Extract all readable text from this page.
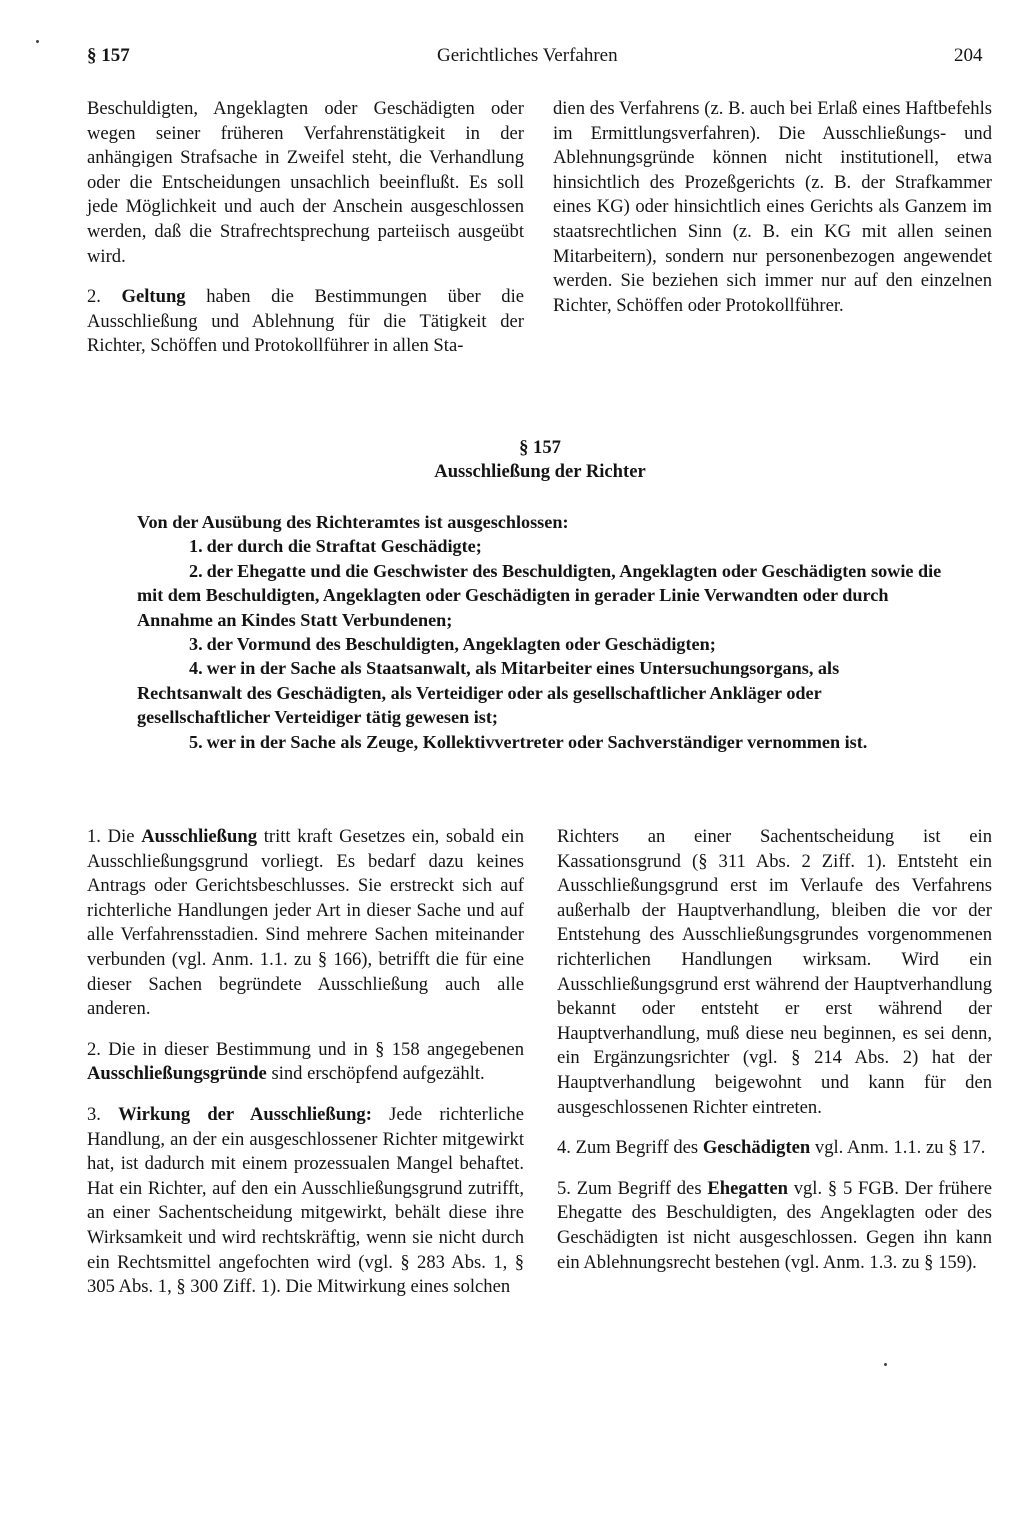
§ 157	Gerichtliches Verfahren	204

Beschuldigten, Angeklagten oder Geschädigten oder wegen seiner früheren Verfahrenstätigkeit in der anhängigen Strafsache in Zweifel steht, die Verhandlung oder die Entscheidungen unsachlich beeinflußt. Es soll jede Möglichkeit und auch der Anschein ausgeschlossen werden, daß die Strafrechtsprechung parteiisch ausgeübt wird.

2. Geltung haben die Bestimmungen über die Ausschließung und Ablehnung für die Tätigkeit der Richter, Schöffen und Protokollführer in allen Sta-

dien des Verfahrens (z. B. auch bei Erlaß eines Haftbefehls im Ermittlungsverfahren). Die Ausschließungs- und Ablehnungsgründe können nicht institutionell, etwa hinsichtlich des Prozeßgerichts (z. B. der Strafkammer eines KG) oder hinsichtlich eines Gerichts als Ganzem im staatsrechtlichen Sinn (z. B. ein KG mit allen seinen Mitarbeitern), sondern nur personenbezogen angewendet werden. Sie beziehen sich immer nur auf den einzelnen Richter, Schöffen oder Protokollführer.

§ 157
Ausschließung der Richter

Von der Ausübung des Richteramtes ist ausgeschlossen:

1. der durch die Straftat Geschädigte;
2. der Ehegatte und die Geschwister des Beschuldigten, Angeklagten oder Geschädigten sowie die mit dem Beschuldigten, Angeklagten oder Geschädigten in gerader Linie Verwandten oder durch Annahme an Kindes Statt Verbundenen;
3. der Vormund des Beschuldigten, Angeklagten oder Geschädigten;
4. wer in der Sache als Staatsanwalt, als Mitarbeiter eines Untersuchungsorgans, als Rechtsanwalt des Geschädigten, als Verteidiger oder als gesellschaftlicher Ankläger oder gesellschaftlicher Verteidiger tätig gewesen ist;
5. wer in der Sache als Zeuge, Kollektivvertreter oder Sachverständiger vernommen ist.

1. Die Ausschließung tritt kraft Gesetzes ein, sobald ein Ausschließungsgrund vorliegt. Es bedarf dazu keines Antrags oder Gerichtsbeschlusses. Sie erstreckt sich auf richterliche Handlungen jeder Art in dieser Sache und auf alle Verfahrensstadien. Sind mehrere Sachen miteinander verbunden (vgl. Anm. 1.1. zu § 166), betrifft die für eine dieser Sachen begründete Ausschließung auch alle anderen.

2. Die in dieser Bestimmung und in § 158 angegebenen Ausschließungsgründe sind erschöpfend aufgezählt.

3. Wirkung der Ausschließung: Jede richterliche Handlung, an der ein ausgeschlossener Richter mitgewirkt hat, ist dadurch mit einem prozessualen Mangel behaftet. Hat ein Richter, auf den ein Ausschließungsgrund zutrifft, an einer Sachentscheidung mitgewirkt, behält diese ihre Wirksamkeit und wird rechtskräftig, wenn sie nicht durch ein Rechtsmittel angefochten wird (vgl. § 283 Abs. 1, § 305 Abs. 1, § 300 Ziff. 1). Die Mitwirkung eines solchen

Richters an einer Sachentscheidung ist ein Kassationsgrund (§ 311 Abs. 2 Ziff. 1). Entsteht ein Ausschließungsgrund erst im Verlaufe des Verfahrens außerhalb der Hauptverhandlung, bleiben die vor der Entstehung des Ausschließungsgrundes vorgenommenen richterlichen Handlungen wirksam. Wird ein Ausschließungsgrund erst während der Hauptverhandlung bekannt oder entsteht er erst während der Hauptverhandlung, muß diese neu beginnen, es sei denn, ein Ergänzungsrichter (vgl. § 214 Abs. 2) hat der Hauptverhandlung beigewohnt und kann für den ausgeschlossenen Richter eintreten.

4. Zum Begriff des Geschädigten vgl. Anm. 1.1. zu § 17.

5. Zum Begriff des Ehegatten vgl. § 5 FGB. Der frühere Ehegatte des Beschuldigten, des Angeklagten oder des Geschädigten ist nicht ausgeschlossen. Gegen ihn kann ein Ablehnungsrecht bestehen (vgl. Anm. 1.3. zu § 159).
